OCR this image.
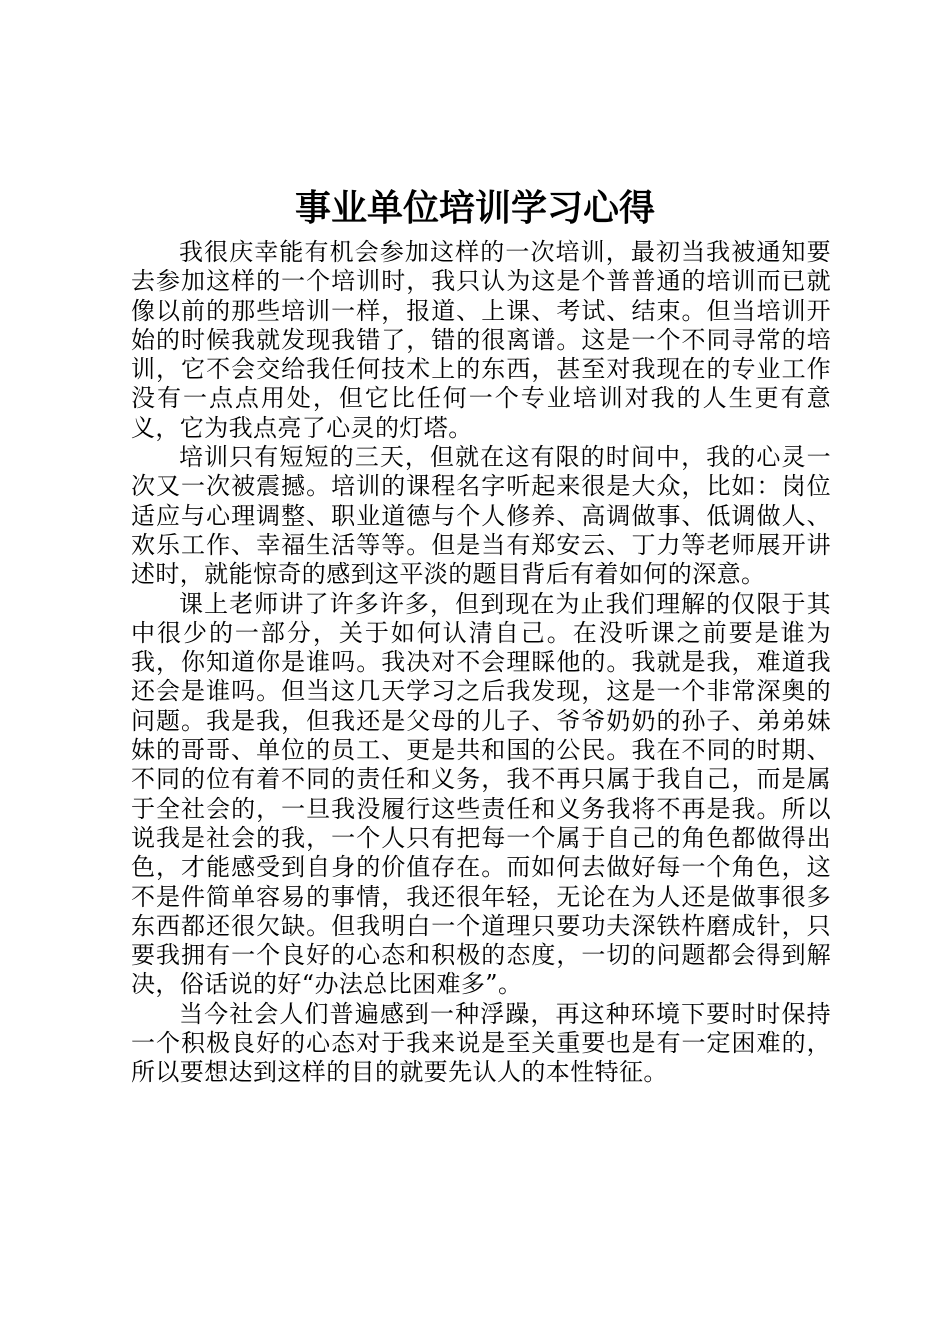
事业单位培训学习心得

我很庆幸能有机会参加这样的一次培训，最初当我被通知要去参加这样的一个培训时，我只认为这是个普普通的培训而已就像以前的那些培训一样，报道、上课、考试、结束。但当培训开始的时候我就发现我错了，错的很离谱。这是一个不同寻常的培训，它不会交给我任何技术上的东西，甚至对我现在的专业工作没有一点点用处，但它比任何一个专业培训对我的人生更有意义，它为我点亮了心灵的灯塔。

培训只有短短的三天，但就在这有限的时间中，我的心灵一次又一次被震撼。培训的课程名字听起来很是大众，比如：岗位适应与心理调整、职业道德与个人修养、高调做事、低调做人、欢乐工作、幸福生活等等。但是当有郑安云、丁力等老师展开讲述时，就能惊奇的感到这平淡的题目背后有着如何的深意。

课上老师讲了许多许多，但到现在为止我们理解的仅限于其中很少的一部分，关于如何认清自己。在没听课之前要是谁为我，你知道你是谁吗。我决对不会理睬他的。我就是我，难道我还会是谁吗。但当这几天学习之后我发现，这是一个非常深奥的问题。我是我，但我还是父母的儿子、爷爷奶奶的孙子、弟弟妹妹的哥哥、单位的员工、更是共和国的公民。我在不同的时期、不同的位有着不同的责任和义务，我不再只属于我自己，而是属于全社会的，一旦我没履行这些责任和义务我将不再是我。所以说我是社会的我，一个人只有把每一个属于自己的角色都做得出色，才能感受到自身的价值存在。而如何去做好每一个角色，这不是件简单容易的事情，我还很年轻，无论在为人还是做事很多东西都还很欠缺。但我明白一个道理只要功夫深铁杵磨成针，只要我拥有一个良好的心态和积极的态度，一切的问题都会得到解决，俗话说的好“办法总比困难多”。

当今社会人们普遍感到一种浮躁，再这种环境下要时时保持一个积极良好的心态对于我来说是至关重要也是有一定困难的，所以要想达到这样的目的就要先认人的本性特征。
